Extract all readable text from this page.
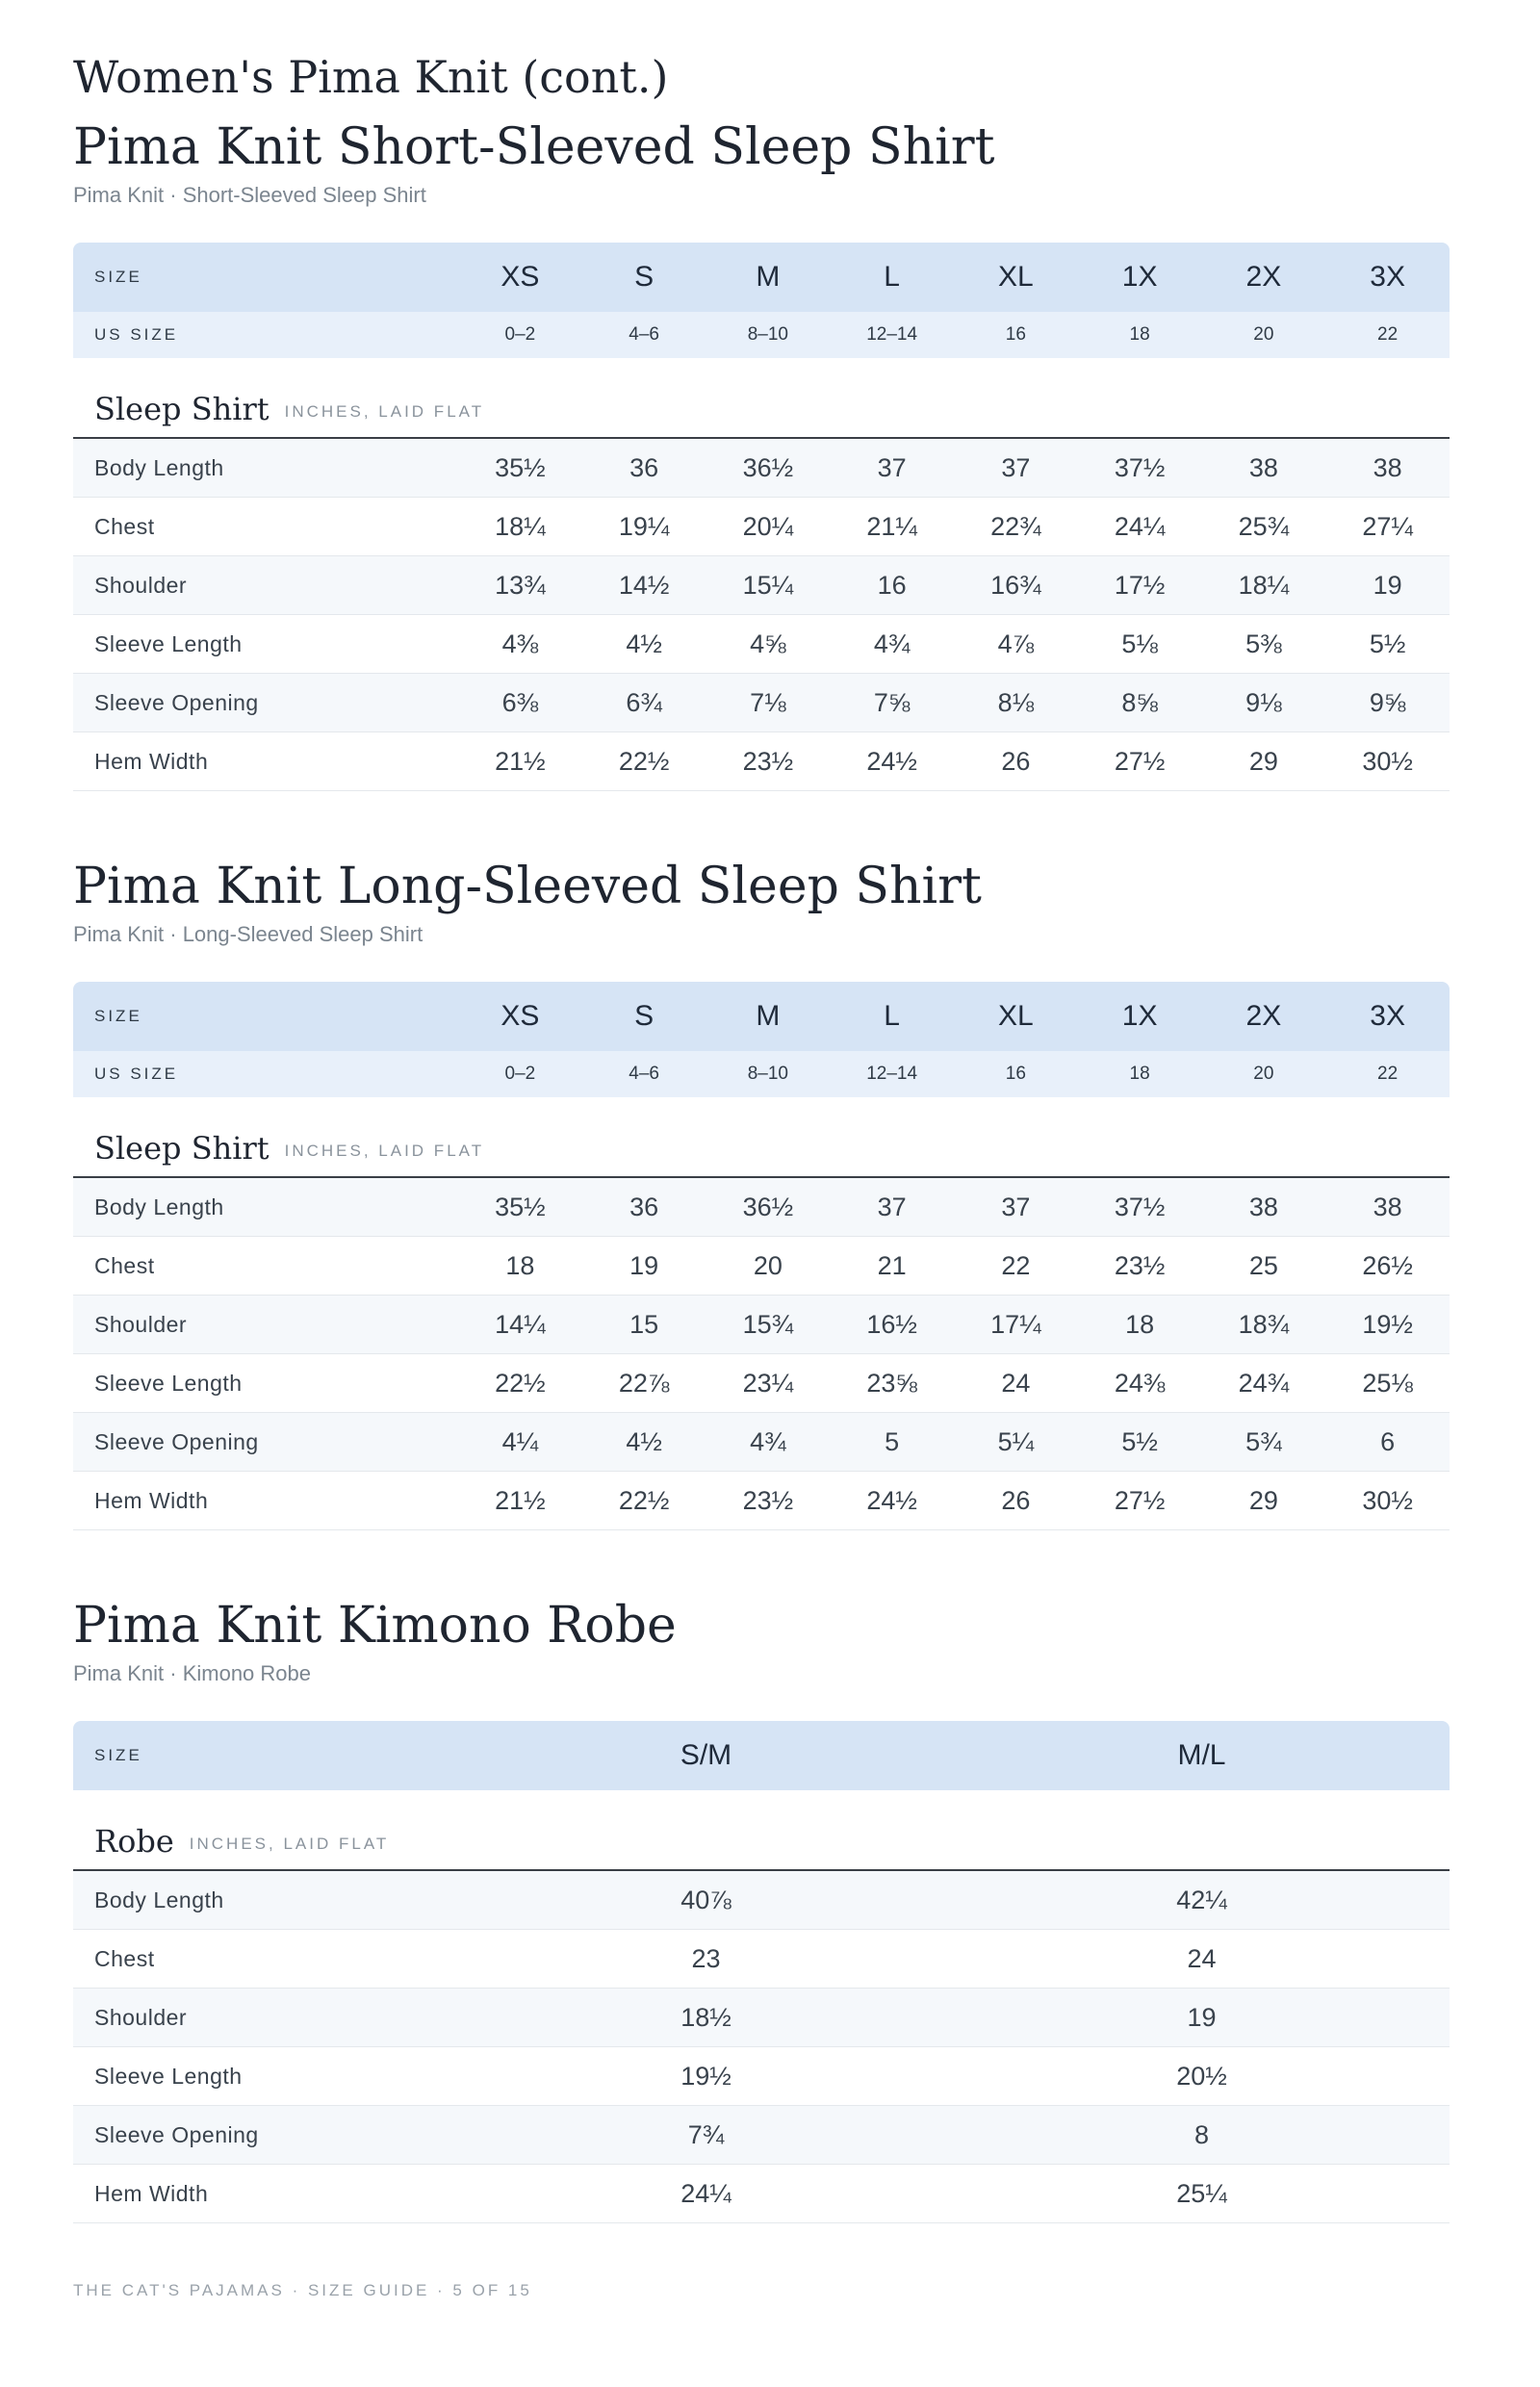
Women's Pima Knit (cont.)
Pima Knit Short-Sleeved Sleep Shirt

Pima Knit · Short-Sleeved Sleep Shirt

SIZE	XS	S	M	L	XL	1X	2X	3X
US SIZE	0–2	4–6	8–10	12–14	16	18	20	22
Sleep Shirt INCHES, LAID FLAT
Body Length	35½	36	36½	37	37	37½	38	38
Chest	18¼	19¼	20¼	21¼	22¾	24¼	25¾	27¼
Shoulder	13¾	14½	15¼	16	16¾	17½	18¼	19
Sleeve Length	4⅜	4½	4⅝	4¾	4⅞	5⅛	5⅜	5½
Sleeve Opening	6⅜	6¾	7⅛	7⅝	8⅛	8⅝	9⅛	9⅝
Hem Width	21½	22½	23½	24½	26	27½	29	30½
Pima Knit Long-Sleeved Sleep Shirt

Pima Knit · Long-Sleeved Sleep Shirt

SIZE	XS	S	M	L	XL	1X	2X	3X
US SIZE	0–2	4–6	8–10	12–14	16	18	20	22
Sleep Shirt INCHES, LAID FLAT
Body Length	35½	36	36½	37	37	37½	38	38
Chest	18	19	20	21	22	23½	25	26½
Shoulder	14¼	15	15¾	16½	17¼	18	18¾	19½
Sleeve Length	22½	22⅞	23¼	23⅝	24	24⅜	24¾	25⅛
Sleeve Opening	4¼	4½	4¾	5	5¼	5½	5¾	6
Hem Width	21½	22½	23½	24½	26	27½	29	30½
Pima Knit Kimono Robe

Pima Knit · Kimono Robe

SIZE	S/M	M/L
Robe INCHES, LAID FLAT
Body Length	40⅞	42¼
Chest	23	24
Shoulder	18½	19
Sleeve Length	19½	20½
Sleeve Opening	7¾	8
Hem Width	24¼	25¼
THE CAT'S PAJAMAS · SIZE GUIDE · 5 OF 15
